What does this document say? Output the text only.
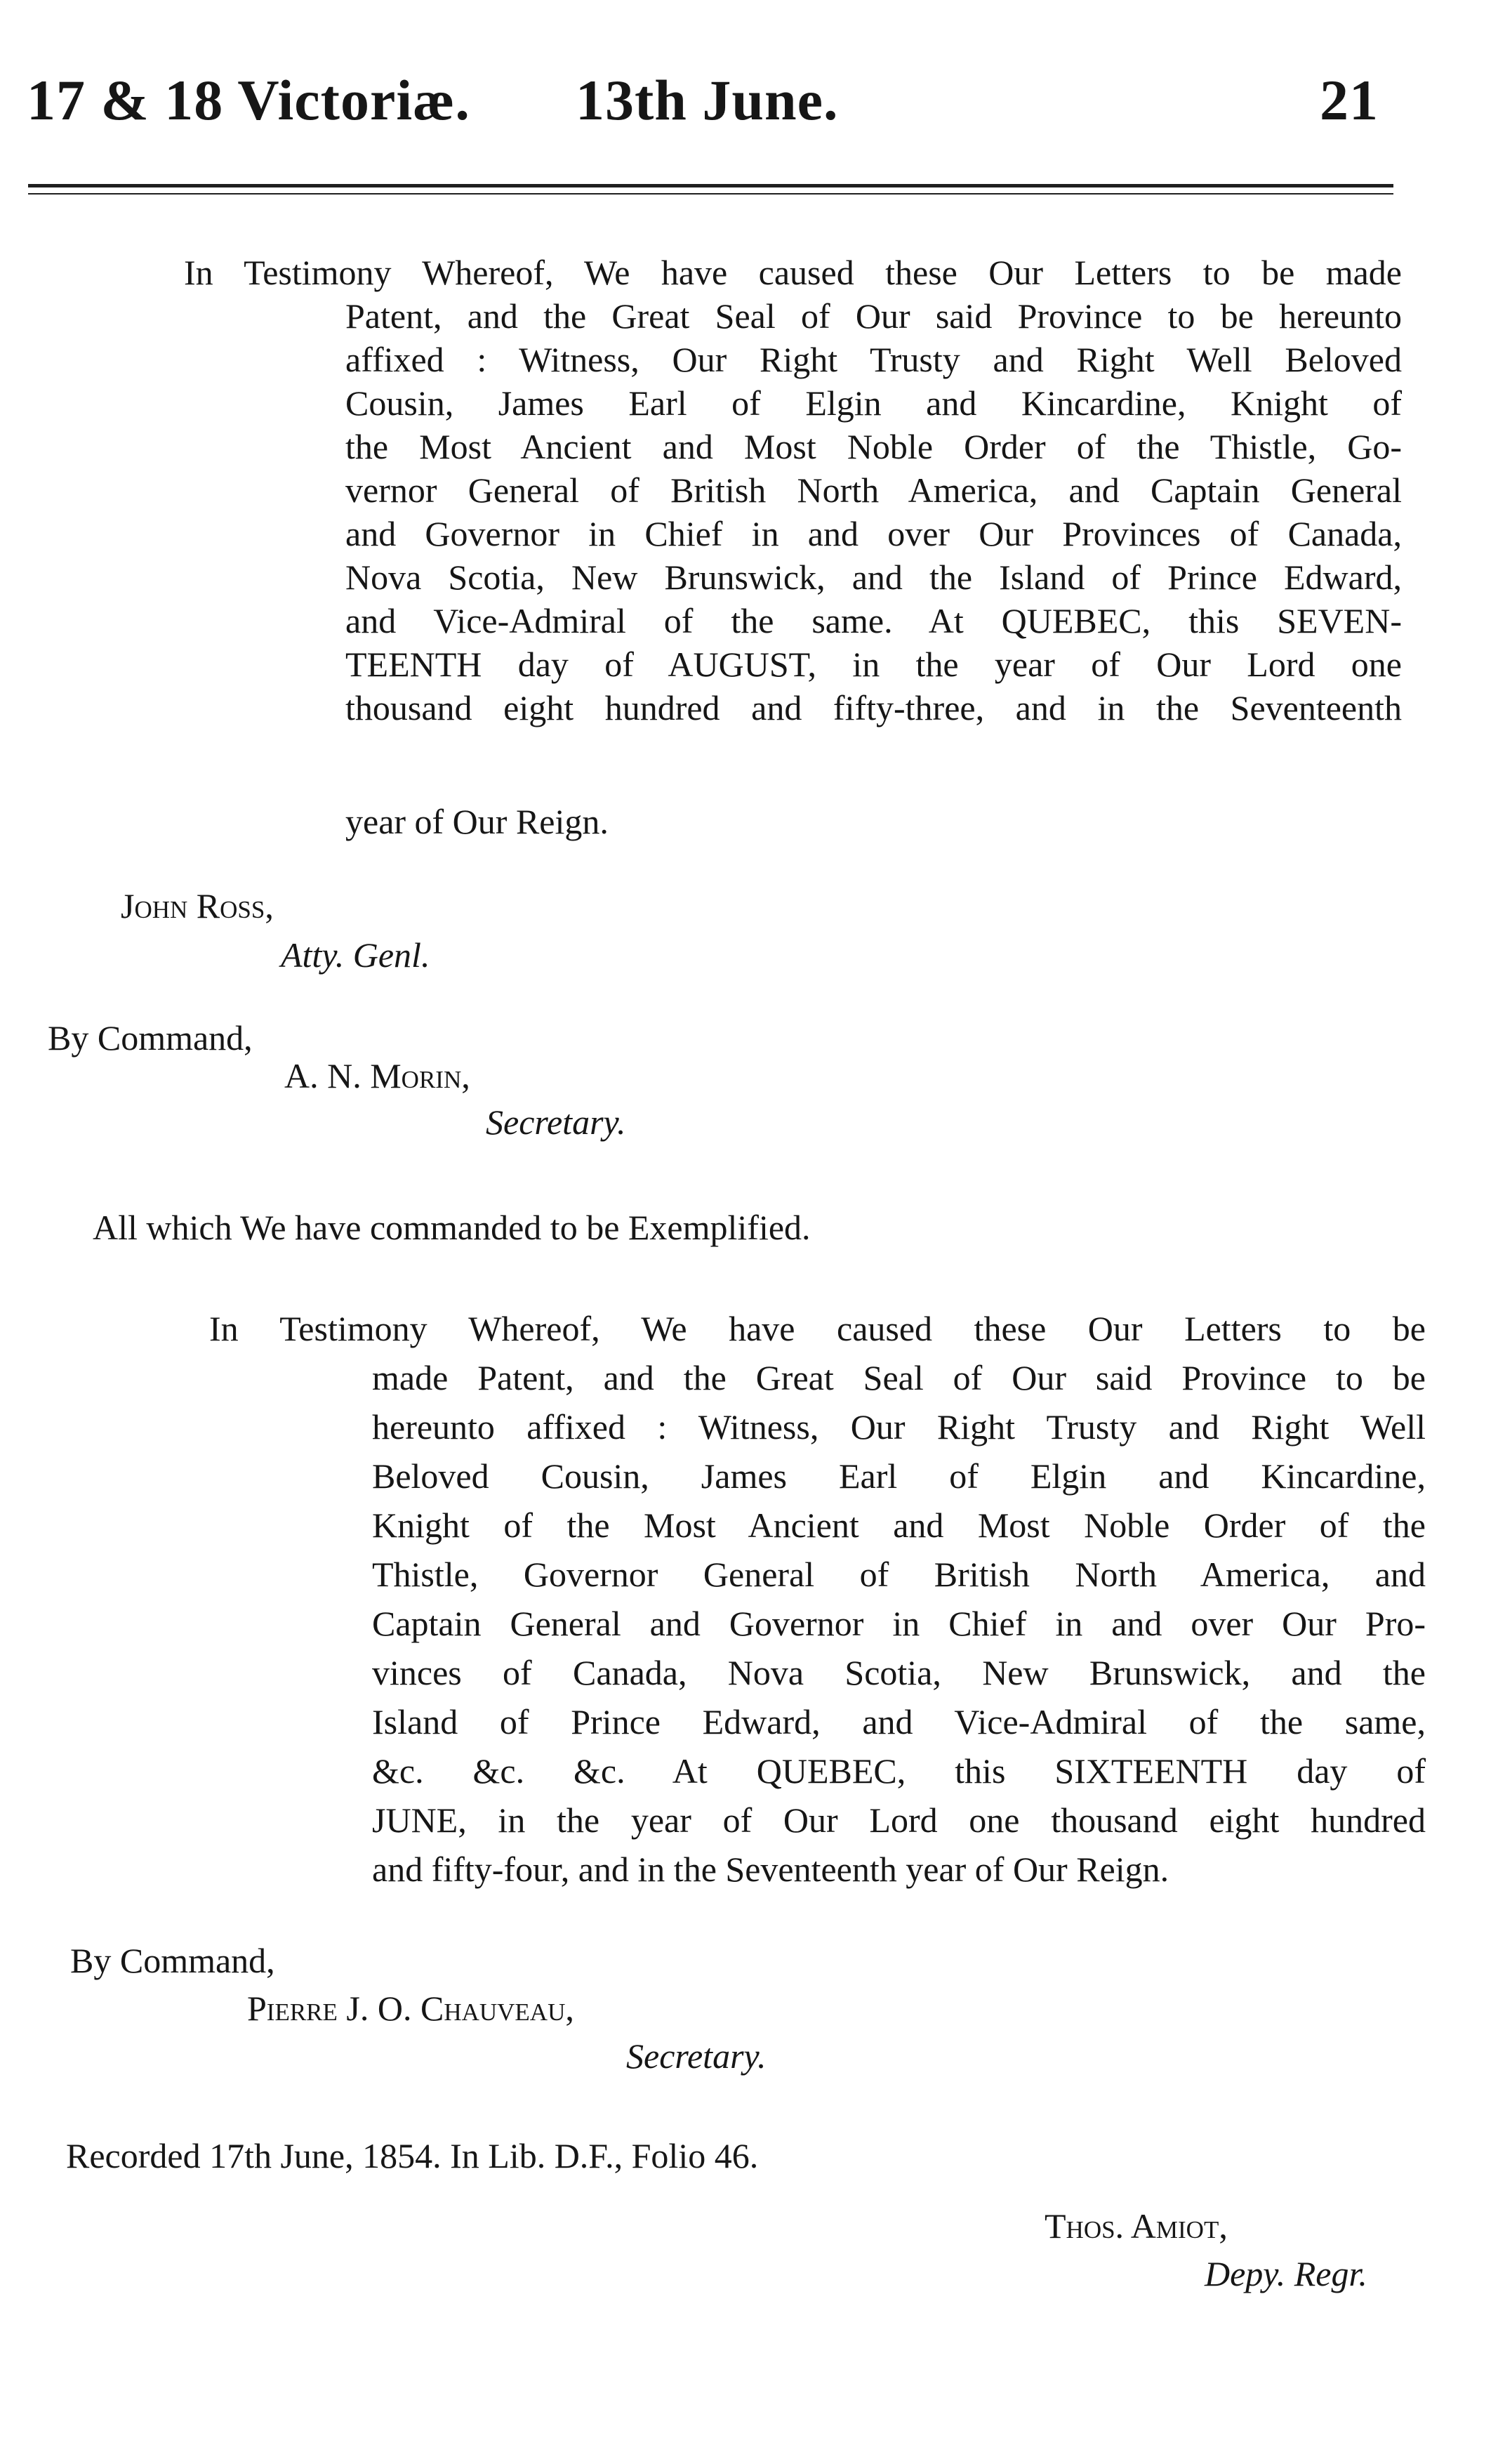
17 & 18 Victoriæ. 13th June.	21
In Testimony Whereof, We have caused these Our Letters to be made
Patent, and the Great Seal of Our said Province to be hereunto
affixed : Witness, Our Right Trusty and Right Well Beloved
Cousin, James Earl of Elgin and Kincardine, Knight of
the Most Ancient and Most Noble Order of the Thistle, Go-
vernor General of British North America, and Captain General
and Governor in Chief in and over Our Provinces of Canada,
Nova Scotia, New Brunswick, and the Island of Prince Edward,
and Vice-Admiral of the same. At QUEBEC, this SEVEN-
TEENTH day of AUGUST, in the year of Our Lord one
thousand eight hundred and fifty-three, and in the Seventeenth
year of Our Reign.
John Ross,
Atty. Genl.
By Command,
A. N. Morin,
Secretary.
All which We have commanded to be Exemplified.
In Testimony Whereof, We have caused these Our Letters to be
made Patent, and the Great Seal of Our said Province to be
hereunto affixed : Witness, Our Right Trusty and Right Well
Beloved Cousin, James Earl of Elgin and Kincardine,
Knight of the Most Ancient and Most Noble Order of the
Thistle, Governor General of British North America, and
Captain General and Governor in Chief in and over Our Pro-
vinces of Canada, Nova Scotia, New Brunswick, and the
Island of Prince Edward, and Vice-Admiral of the same,
&c. &c. &c. At QUEBEC, this SIXTEENTH day of
JUNE, in the year of Our Lord one thousand eight hundred
and fifty-four, and in the Seventeenth year of Our Reign.
By Command,
Pierre J. O. Chauveau,
Secretary.
Recorded 17th June, 1854. In Lib. D.F., Folio 46.
Thos. Amiot,
Depy. Regr.
